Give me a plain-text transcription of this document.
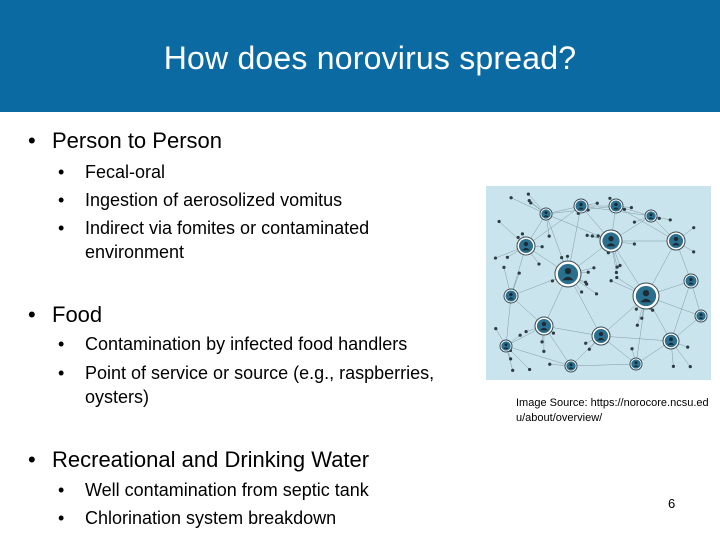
How does norovirus spread?
• Person to Person

• Fecal-oral

• Ingestion of aerosolized vomitus

• Indirect via fomites or contaminated

environment

• Food

• Contamination by infected food handlers

• Point of service or source (e.g., raspberries,

oysters)

• Recreational and Drinking Water

• Well contamination from septic tank

• Chlorination system breakdown

Image Source: https://norocore.ncsu.edu/about/overview/
6
